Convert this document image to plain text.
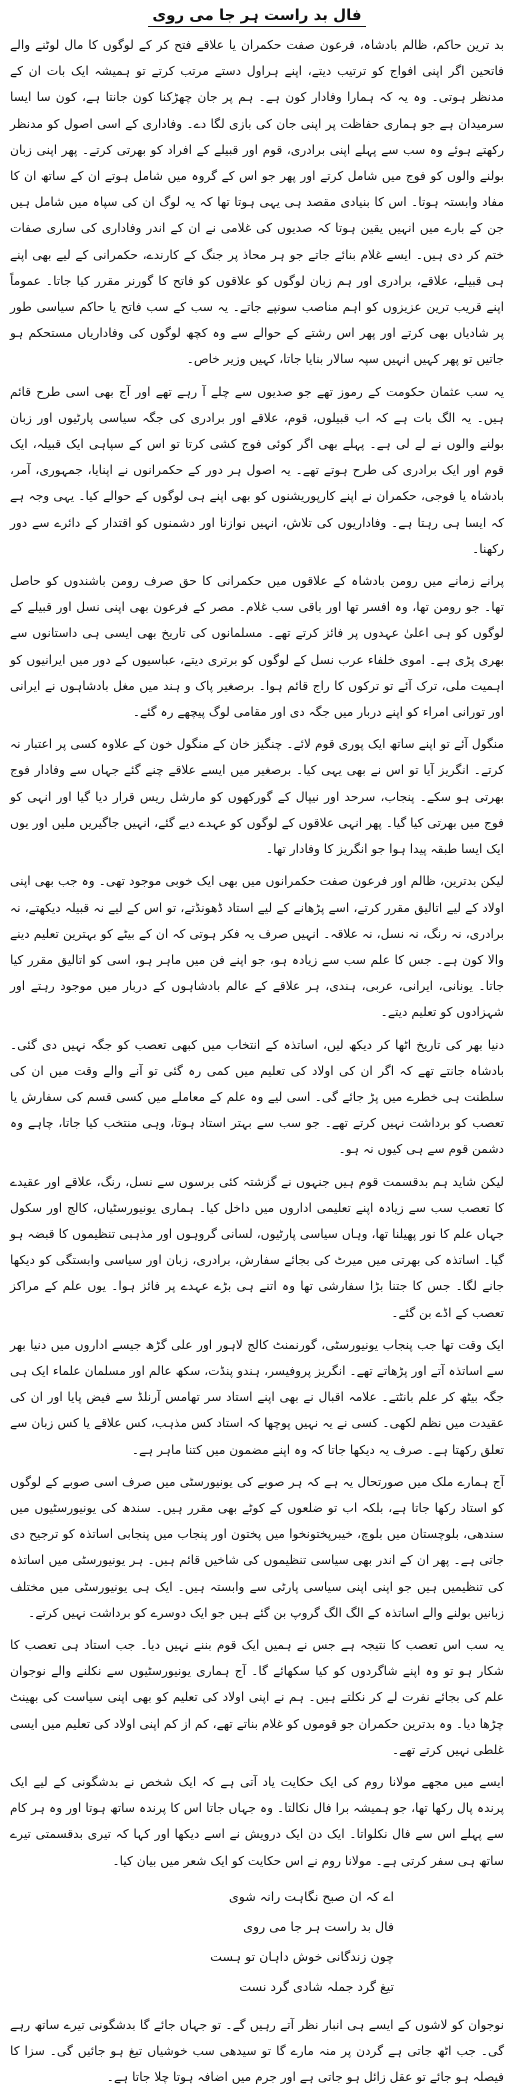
فال بد راست ہر جا می روی

بد ترین حاکم، ظالم بادشاہ، فرعون صفت حکمران یا علاقے فتح کر کے لوگوں کا مال لوٹنے والے فاتحین اگر اپنی افواج کو ترتیب دیتے، اپنے ہراول دستے مرتب کرتے تو ہمیشہ ایک بات ان کے مدنظر ہوتی۔ وہ یہ کہ ہمارا وفادار کون ہے۔ ہم پر جان چھڑکنا کون جانتا ہے، کون سا ایسا سرمیدان ہے جو ہماری حفاظت پر اپنی جان کی بازی لگا دے۔ وفاداری کے اسی اصول کو مدنظر رکھتے ہوئے وہ سب سے پہلے اپنی برادری، قوم اور قبیلے کے افراد کو بھرتی کرتے۔ پھر اپنی زبان بولنے والوں کو فوج میں شامل کرتے اور پھر جو اس کے گروہ میں شامل ہوتے ان کے ساتھ ان کا مفاد وابستہ ہوتا۔ اس کا بنیادی مقصد ہی یہی ہوتا تھا کہ یہ لوگ ان کی سپاہ میں شامل ہیں جن کے بارے میں انہیں یقین ہوتا کہ صدیوں کی غلامی نے ان کے اندر وفاداری کی ساری صفات ختم کر دی ہیں۔ ایسے غلام بنائے جاتے جو ہر محاذ پر جنگ کے کارندے، حکمرانی کے لیے بھی اپنے ہی قبیلے، علاقے، برادری اور ہم زبان لوگوں کو علاقوں کو فاتح کا گورنر مقرر کیا جاتا۔ عموماً اپنے قریب ترین عزیزوں کو اہم مناصب سونپے جاتے۔ یہ سب کے سب فاتح یا حاکم سیاسی طور پر شادیاں بھی کرتے اور پھر اس رشتے کے حوالے سے وہ کچھ لوگوں کی وفاداریاں مستحکم ہو جاتیں تو پھر کہیں انہیں سپہ سالار بنایا جاتا، کہیں وزیر خاص۔

یہ سب عثمان حکومت کے رموز تھے جو صدیوں سے چلے آ رہے تھے اور آج بھی اسی طرح قائم ہیں۔ یہ الگ بات ہے کہ اب قبیلوں، قوم، علاقے اور برادری کی جگہ سیاسی پارٹیوں اور زبان بولنے والوں نے لے لی ہے۔ پہلے بھی اگر کوئی فوج کشی کرتا تو اس کے سپاہی ایک قبیلہ، ایک قوم اور ایک برادری کی طرح ہوتے تھے۔ یہ اصول ہر دور کے حکمرانوں نے اپنایا، جمہوری، آمر، بادشاہ یا فوجی، حکمران نے اپنے کارپوریشنوں کو بھی اپنے ہی لوگوں کے حوالے کیا۔ یہی وجہ ہے کہ ایسا ہی رہتا ہے۔ وفاداریوں کی تلاش، انہیں نوازنا اور دشمنوں کو اقتدار کے دائرے سے دور رکھنا۔

پرانے زمانے میں رومن بادشاہ کے علاقوں میں حکمرانی کا حق صرف رومن باشندوں کو حاصل تھا۔ جو رومن تھا، وہ افسر تھا اور باقی سب غلام۔ مصر کے فرعون بھی اپنی نسل اور قبیلے کے لوگوں کو ہی اعلیٰ عہدوں پر فائز کرتے تھے۔ مسلمانوں کی تاریخ بھی ایسی ہی داستانوں سے بھری پڑی ہے۔ اموی خلفاء عرب نسل کے لوگوں کو برتری دیتے، عباسیوں کے دور میں ایرانیوں کو اہمیت ملی، ترک آئے تو ترکوں کا راج قائم ہوا۔ برصغیر پاک و ہند میں مغل بادشاہوں نے ایرانی اور تورانی امراء کو اپنے دربار میں جگہ دی اور مقامی لوگ پیچھے رہ گئے۔

منگول آئے تو اپنے ساتھ ایک پوری قوم لائے۔ چنگیز خان کے منگول خون کے علاوہ کسی پر اعتبار نہ کرتے۔ انگریز آیا تو اس نے بھی یہی کیا۔ برصغیر میں ایسے علاقے چنے گئے جہاں سے وفادار فوج بھرتی ہو سکے۔ پنجاب، سرحد اور نیپال کے گورکھوں کو مارشل ریس قرار دیا گیا اور انہی کو فوج میں بھرتی کیا گیا۔ پھر انہی علاقوں کے لوگوں کو عہدے دیے گئے، انہیں جاگیریں ملیں اور یوں ایک ایسا طبقہ پیدا ہوا جو انگریز کا وفادار تھا۔

لیکن بدترین، ظالم اور فرعون صفت حکمرانوں میں بھی ایک خوبی موجود تھی۔ وہ جب بھی اپنی اولاد کے لیے اتالیق مقرر کرتے، اسے پڑھانے کے لیے استاد ڈھونڈتے، تو اس کے لیے نہ قبیلہ دیکھتے، نہ برادری، نہ رنگ، نہ نسل، نہ علاقہ۔ انہیں صرف یہ فکر ہوتی کہ ان کے بیٹے کو بہترین تعلیم دینے والا کون ہے۔ جس کا علم سب سے زیادہ ہو، جو اپنے فن میں ماہر ہو، اسی کو اتالیق مقرر کیا جاتا۔ یونانی، ایرانی، عربی، ہندی، ہر علاقے کے عالم بادشاہوں کے دربار میں موجود رہتے اور شہزادوں کو تعلیم دیتے۔

دنیا بھر کی تاریخ اٹھا کر دیکھ لیں، اساتذہ کے انتخاب میں کبھی تعصب کو جگہ نہیں دی گئی۔ بادشاہ جانتے تھے کہ اگر ان کی اولاد کی تعلیم میں کمی رہ گئی تو آنے والے وقت میں ان کی سلطنت ہی خطرے میں پڑ جائے گی۔ اسی لیے وہ علم کے معاملے میں کسی قسم کی سفارش یا تعصب کو برداشت نہیں کرتے تھے۔ جو سب سے بہتر استاد ہوتا، وہی منتخب کیا جاتا، چاہے وہ دشمن قوم سے ہی کیوں نہ ہو۔

لیکن شاید ہم بدقسمت قوم ہیں جنہوں نے گزشتہ کئی برسوں سے نسل، رنگ، علاقے اور عقیدے کا تعصب سب سے زیادہ اپنے تعلیمی اداروں میں داخل کیا۔ ہماری یونیورسٹیاں، کالج اور سکول جہاں علم کا نور پھیلنا تھا، وہاں سیاسی پارٹیوں، لسانی گروہوں اور مذہبی تنظیموں کا قبضہ ہو گیا۔ اساتذہ کی بھرتی میں میرٹ کی بجائے سفارش، برادری، زبان اور سیاسی وابستگی کو دیکھا جانے لگا۔ جس کا جتنا بڑا سفارشی تھا وہ اتنے ہی بڑے عہدے پر فائز ہوا۔ یوں علم کے مراکز تعصب کے اڈے بن گئے۔

ایک وقت تھا جب پنجاب یونیورسٹی، گورنمنٹ کالج لاہور اور علی گڑھ جیسے اداروں میں دنیا بھر سے اساتذہ آتے اور پڑھاتے تھے۔ انگریز پروفیسر، ہندو پنڈت، سکھ عالم اور مسلمان علماء ایک ہی جگہ بیٹھ کر علم بانٹتے۔ علامہ اقبال نے بھی اپنے استاد سر تھامس آرنلڈ سے فیض پایا اور ان کی عقیدت میں نظم لکھی۔ کسی نے یہ نہیں پوچھا کہ استاد کس مذہب، کس علاقے یا کس زبان سے تعلق رکھتا ہے۔ صرف یہ دیکھا جاتا کہ وہ اپنے مضمون میں کتنا ماہر ہے۔

آج ہمارے ملک میں صورتحال یہ ہے کہ ہر صوبے کی یونیورسٹی میں صرف اسی صوبے کے لوگوں کو استاد رکھا جاتا ہے، بلکہ اب تو ضلعوں کے کوٹے بھی مقرر ہیں۔ سندھ کی یونیورسٹیوں میں سندھی، بلوچستان میں بلوچ، خیبرپختونخوا میں پختون اور پنجاب میں پنجابی اساتذہ کو ترجیح دی جاتی ہے۔ پھر ان کے اندر بھی سیاسی تنظیموں کی شاخیں قائم ہیں۔ ہر یونیورسٹی میں اساتذہ کی تنظیمیں ہیں جو اپنی اپنی سیاسی پارٹی سے وابستہ ہیں۔ ایک ہی یونیورسٹی میں مختلف زبانیں بولنے والے اساتذہ کے الگ الگ گروپ بن گئے ہیں جو ایک دوسرے کو برداشت نہیں کرتے۔

یہ سب اس تعصب کا نتیجہ ہے جس نے ہمیں ایک قوم بننے نہیں دیا۔ جب استاد ہی تعصب کا شکار ہو تو وہ اپنے شاگردوں کو کیا سکھائے گا۔ آج ہماری یونیورسٹیوں سے نکلنے والے نوجوان علم کی بجائے نفرت لے کر نکلتے ہیں۔ ہم نے اپنی اولاد کی تعلیم کو بھی اپنی سیاست کی بھینٹ چڑھا دیا۔ وہ بدترین حکمران جو قوموں کو غلام بناتے تھے، کم از کم اپنی اولاد کی تعلیم میں ایسی غلطی نہیں کرتے تھے۔

ایسے میں مجھے مولانا روم کی ایک حکایت یاد آتی ہے کہ ایک شخص نے بدشگونی کے لیے ایک پرندہ پال رکھا تھا، جو ہمیشہ برا فال نکالتا۔ وہ جہاں جاتا اس کا پرندہ ساتھ ہوتا اور وہ ہر کام سے پہلے اس سے فال نکلواتا۔ ایک دن ایک درویش نے اسے دیکھا اور کہا کہ تیری بدقسمتی تیرے ساتھ ہی سفر کرتی ہے۔ مولانا روم نے اس حکایت کو ایک شعر میں بیان کیا۔

اے کہ ان صبح نگاہت رانہ شوی
فال بد راست ہر جا می روی
چون زندگانی خوش داہان تو ہست
تیغ گرد جملہ شادی گرد نست

نوجوان کو لاشوں کے ایسے ہی انبار نظر آتے رہیں گے۔ تو جہاں جائے گا بدشگونی تیرے ساتھ رہے گی۔ جب اٹھ جاتی ہے گردن پر منہ مارے گا تو سیدھی سب خوشیاں تیغ ہو جائیں گی۔ سزا کا فیصلہ ہو جائے تو عقل زائل ہو جاتی ہے اور جرم میں اضافہ ہوتا چلا جاتا ہے۔
